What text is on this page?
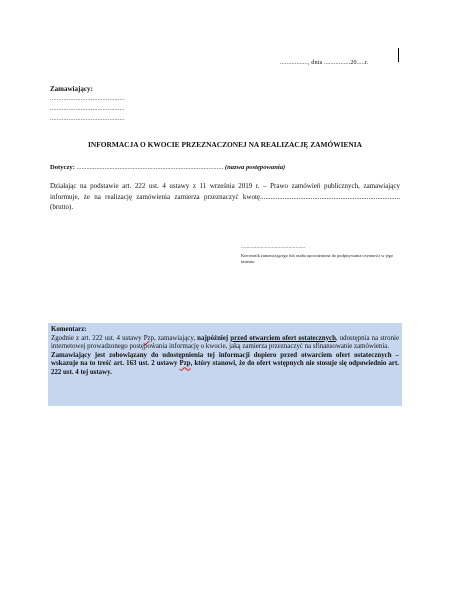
................., dnia ................20.....r.
Zamawiający:
............................................
............................................
............................................
INFORMACJA O KWOCIE PRZEZNACZONEJ NA REALIZACJĘ ZAMÓWIENIA
Dotyczy: ......................................................................................... (nazwa postępowania)
Działając na podstawie art. 222 ust. 4 ustawy z 11 września 2019 r. – Prawo zamówień publicznych, zamawiający informuje, że na realizację zamówienia zamierza przeznaczyć kwotę................................................................................ (brutto).
..............................................
Kierownik zamawiającego lub osoba upoważniona do podpisywania czynności w jego imieniu
Komentarz:
Zgodnie z art. 222 ust. 4 ustawy Pzp, zamawiający, najpóźniej przed otwarciem ofert ostatecznych, udostępnia na stronie internetowej prowadzonego postępowania informację o kwocie, jaką zamierza przeznaczyć na sfinansowanie zamówienia.
Zamawiający jest zobowiązany do udostępnienia tej informacji dopiero przed otwarciem ofert ostatecznych – wskazuje na to treść art. 163 ust. 2 ustawy Pzp, który stanowi, że do ofert wstępnych nie stosuje się odpowiednio art. 222 ust. 4 tej ustawy.
